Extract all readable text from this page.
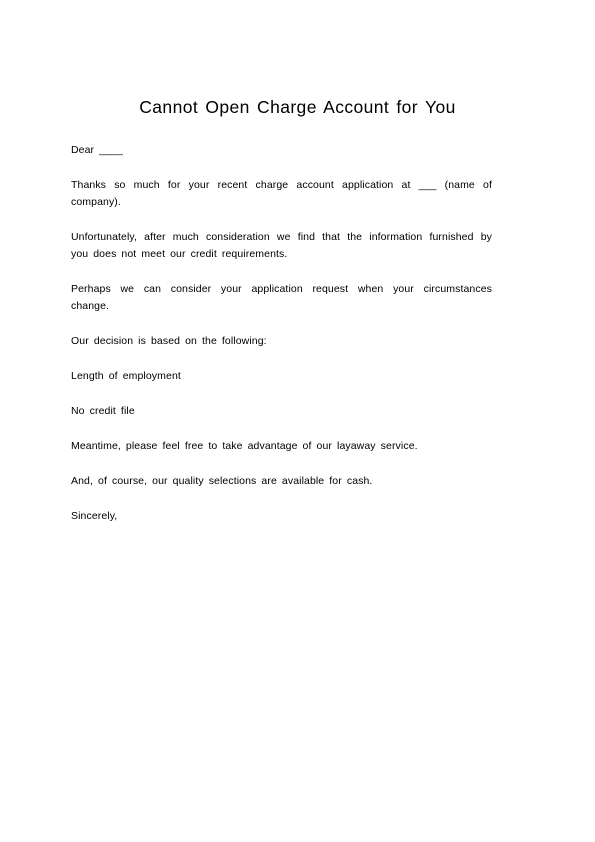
Cannot Open Charge Account for You

Dear ____

Thanks so much for your recent charge account application at ___ (name of company).

Unfortunately, after much consideration we find that the information furnished by you does not meet our credit requirements.

Perhaps we can consider your application request when your circumstances change.

Our decision is based on the following:

Length of employment

No credit file

Meantime, please feel free to take advantage of our layaway service.

And, of course, our quality selections are available for cash.

Sincerely,
